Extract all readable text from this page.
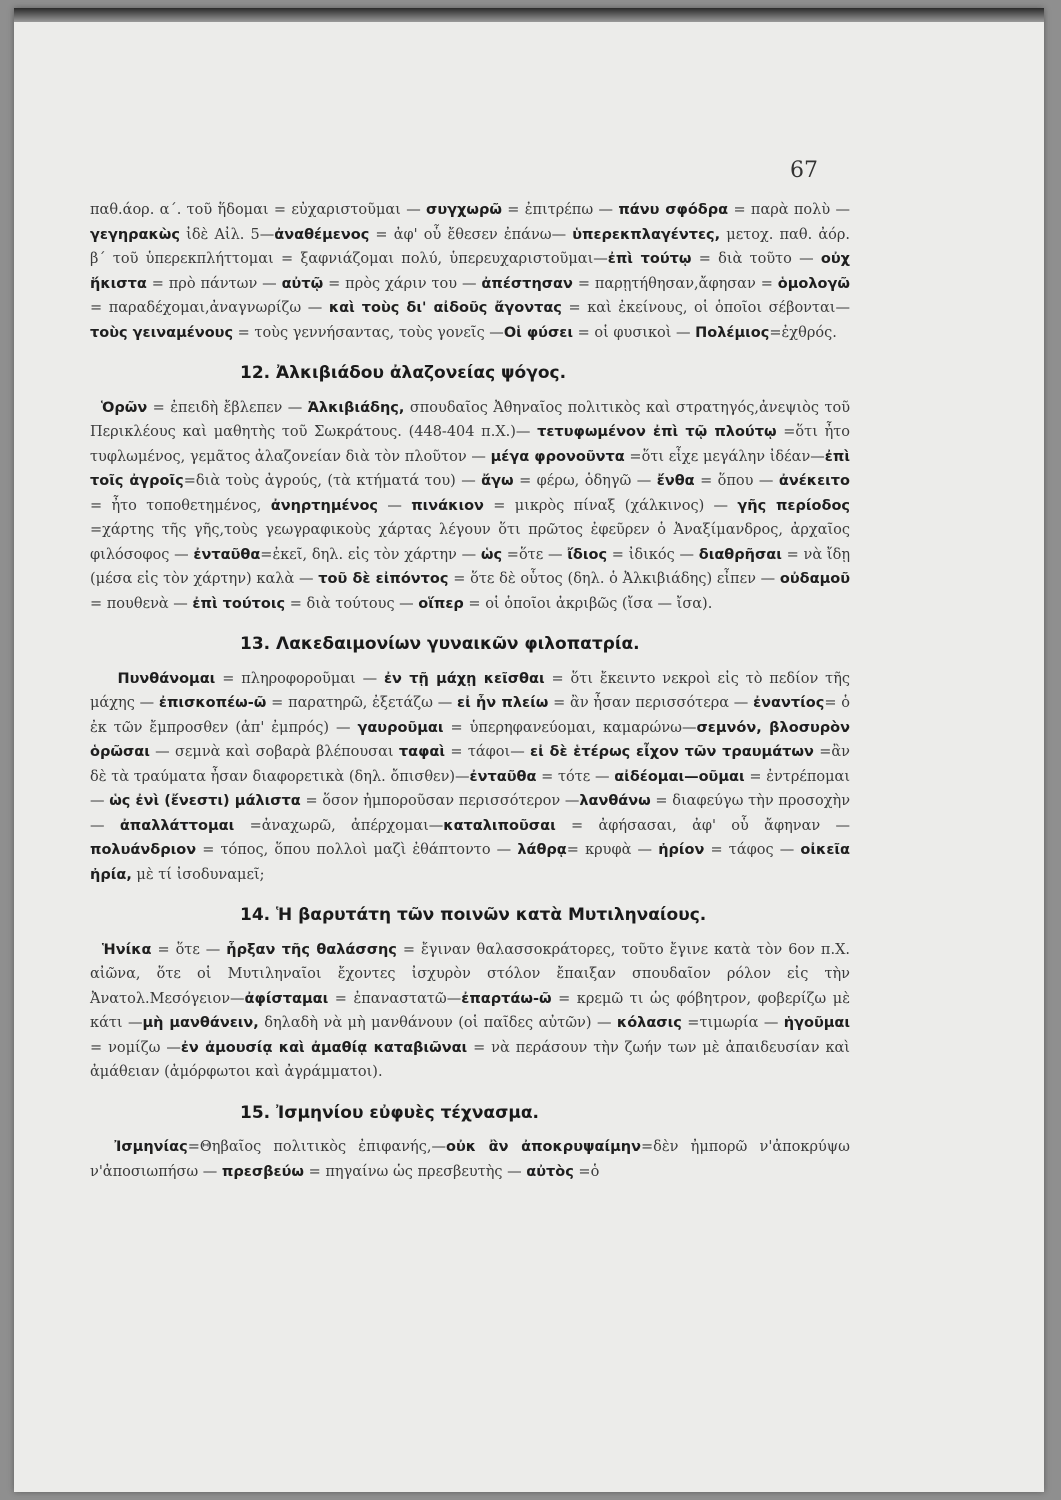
67

παθ.άορ. α΄. τοῦ ἥδομαι = εὐχαριστοῦμαι — συγχωρῶ = ἐπιτρέπω — πάνυ σφόδρα = παρὰ πολὺ — γεγηρακὼς ἰδὲ Αἰλ. 5—ἀναθέμενος = ἀφ' οὗ ἔθεσεν ἐπάνω— ὑπερεκπλαγέντες, μετοχ. παθ. ἀόρ. β΄ τοῦ ὑπερεκπλήττομαι = ξαφνιάζομαι πολύ, ὑπερευχαριστοῦμαι—ἐπὶ τούτῳ = διὰ τοῦτο — οὐχ ἥκιστα = πρὸ πάντων — αὐτῷ = πρὸς χάριν του — ἀπέστησαν = παρῃτήθησαν,ἄφησαν = ὁμολογῶ = παραδέχομαι,ἀναγνωρίζω — καὶ τοὺς δι' αἰδοῦς ἄγοντας = καὶ ἐκείνους, οἱ ὁποῖοι σέβονται—τοὺς γειναμένους = τοὺς γεννήσαντας, τοὺς γονεῖς —Οἱ φύσει = οἱ φυσικοὶ — Πολέμιος=ἐχθρός.

12. Ἀλκιβιάδου ἀλαζονείας ψόγος.

Ὁρῶν = ἐπειδὴ ἔβλεπεν — Ἀλκιβιάδης, σπουδαῖος Ἀθηναῖος πολιτικὸς καὶ στρατηγός,ἀνεψιὸς τοῦ Περικλέους καὶ μαθητὴς τοῦ Σωκράτους. (448-404 π.Χ.)— τετυφωμένον ἐπὶ τῷ πλούτῳ =ὅτι ἦτο τυφλωμένος, γεμᾶτος ἀλαζονείαν διὰ τὸν πλοῦτον — μέγα φρονοῦντα =ὅτι εἶχε μεγάλην ἰδέαν—ἐπὶ τοῖς ἀγροῖς=διὰ τοὺς ἀγρούς, (τὰ κτήματά του) — ἄγω = φέρω, ὁδηγῶ — ἔνθα = ὅπου — ἀνέκειτο = ἦτο τοποθετημένος, ἀνηρτημένος — πινάκιον = μικρὸς πίναξ (χάλκινος) — γῆς περίοδος =χάρτης τῆς γῆς,τοὺς γεωγραφικοὺς χάρτας λέγουν ὅτι πρῶτος ἐφεῦρεν ὁ Ἀναξίμανδρος, ἀρχαῖος φιλόσοφος — ἐνταῦθα=ἐκεῖ, δηλ. εἰς τὸν χάρτην — ὡς =ὅτε — ἴδιος = ἰδικός — διαθρῆσαι = νὰ ἴδῃ (μέσα εἰς τὸν χάρτην) καλὰ — τοῦ δὲ εἰπόντος = ὅτε δὲ οὗτος (δηλ. ὁ Ἀλκιβιάδης) εἶπεν — οὐδαμοῦ = πουθενὰ — ἐπὶ τούτοις = διὰ τούτους — οἵπερ = οἱ ὁποῖοι ἀκριβῶς (ἴσα — ἴσα).

13. Λακεδαιμονίων γυναικῶν φιλοπατρία.

Πυνθάνομαι = πληροφοροῦμαι — ἐν τῇ μάχῃ κεῖσθαι = ὅτι ἔκειντο νεκροὶ εἰς τὸ πεδίον τῆς μάχης — ἐπισκοπέω-ῶ = παρατηρῶ, ἐξετάζω — εἰ ἦν πλείω = ἂν ἦσαν περισσότερα — ἐναντίος= ὁ ἐκ τῶν ἔμπροσθεν (ἀπ' ἐμπρός) — γαυροῦμαι = ὑπερηφανεύομαι, καμαρώνω—σεμνόν, βλοσυρὸν ὁρῶσαι — σεμνὰ καὶ σοβαρὰ βλέπουσαι ταφαὶ = τάφοι— εἰ δὲ ἑτέρως εἶχον τῶν τραυμάτων =ἂν δὲ τὰ τραύματα ἦσαν διαφορετικὰ (δηλ. ὄπισθεν)—ἐνταῦθα = τότε — αἰδέομαι—οῦμαι = ἐντρέπομαι — ὡς ἐνὶ (ἔνεστι) μάλιστα = ὅσον ἠμποροῦσαν περισσότερον —λανθάνω = διαφεύγω τὴν προσοχὴν— ἀπαλλάττομαι =ἀναχωρῶ, ἀπέρχομαι—καταλιποῦσαι = ἀφήσασαι, ἀφ' οὗ ἄφηναν — πολυάνδριον = τόπος, ὅπου πολλοὶ μαζὶ ἐθάπτοντο — λάθρᾳ= κρυφὰ — ἠρίον = τάφος — οἰκεῖα ἠρία, μὲ τί ἰσοδυναμεῖ;

14. Ἡ βαρυτάτη τῶν ποινῶν κατὰ Μυτιληναίους.

Ἡνίκα = ὅτε — ἦρξαν τῆς θαλάσσης = ἔγιναν θαλασσοκράτορες, τοῦτο ἔγινε κατὰ τὸν 6ον π.Χ. αἰῶνα, ὅτε οἱ Μυτιληναῖοι ἔχοντες ἰσχυρὸν στόλον ἔπαιξαν σπουδαῖον ρόλον εἰς τὴν Ἀνατολ.Μεσόγειον—ἀφίσταμαι = ἐπαναστατῶ—ἐπαρτάω-ῶ = κρεμῶ τι ὡς φόβητρον, φοβερίζω μὲ κάτι —μὴ μανθάνειν, δηλαδὴ νὰ μὴ μανθάνουν (οἱ παῖδες αὐτῶν) — κόλασις =τιμωρία — ἡγοῦμαι = νομίζω —ἐν ἀμουσίᾳ καὶ ἀμαθίᾳ καταβιῶναι = νὰ περάσουν τὴν ζωήν των μὲ ἀπαιδευσίαν καὶ ἀμάθειαν (ἀμόρφωτοι καὶ ἀγράμματοι).

15. Ἰσμηνίου εὐφυὲς τέχνασμα.

Ἰσμηνίας=Θηβαῖος πολιτικὸς ἐπιφανής,—οὐκ ἂν ἀποκρυψαίμην=δὲν ἠμπορῶ ν'ἀποκρύψω ν'ἀποσιωπήσω — πρεσβεύω = πηγαίνω ὡς πρεσβευτὴς — αὐτὸς =ὁ
